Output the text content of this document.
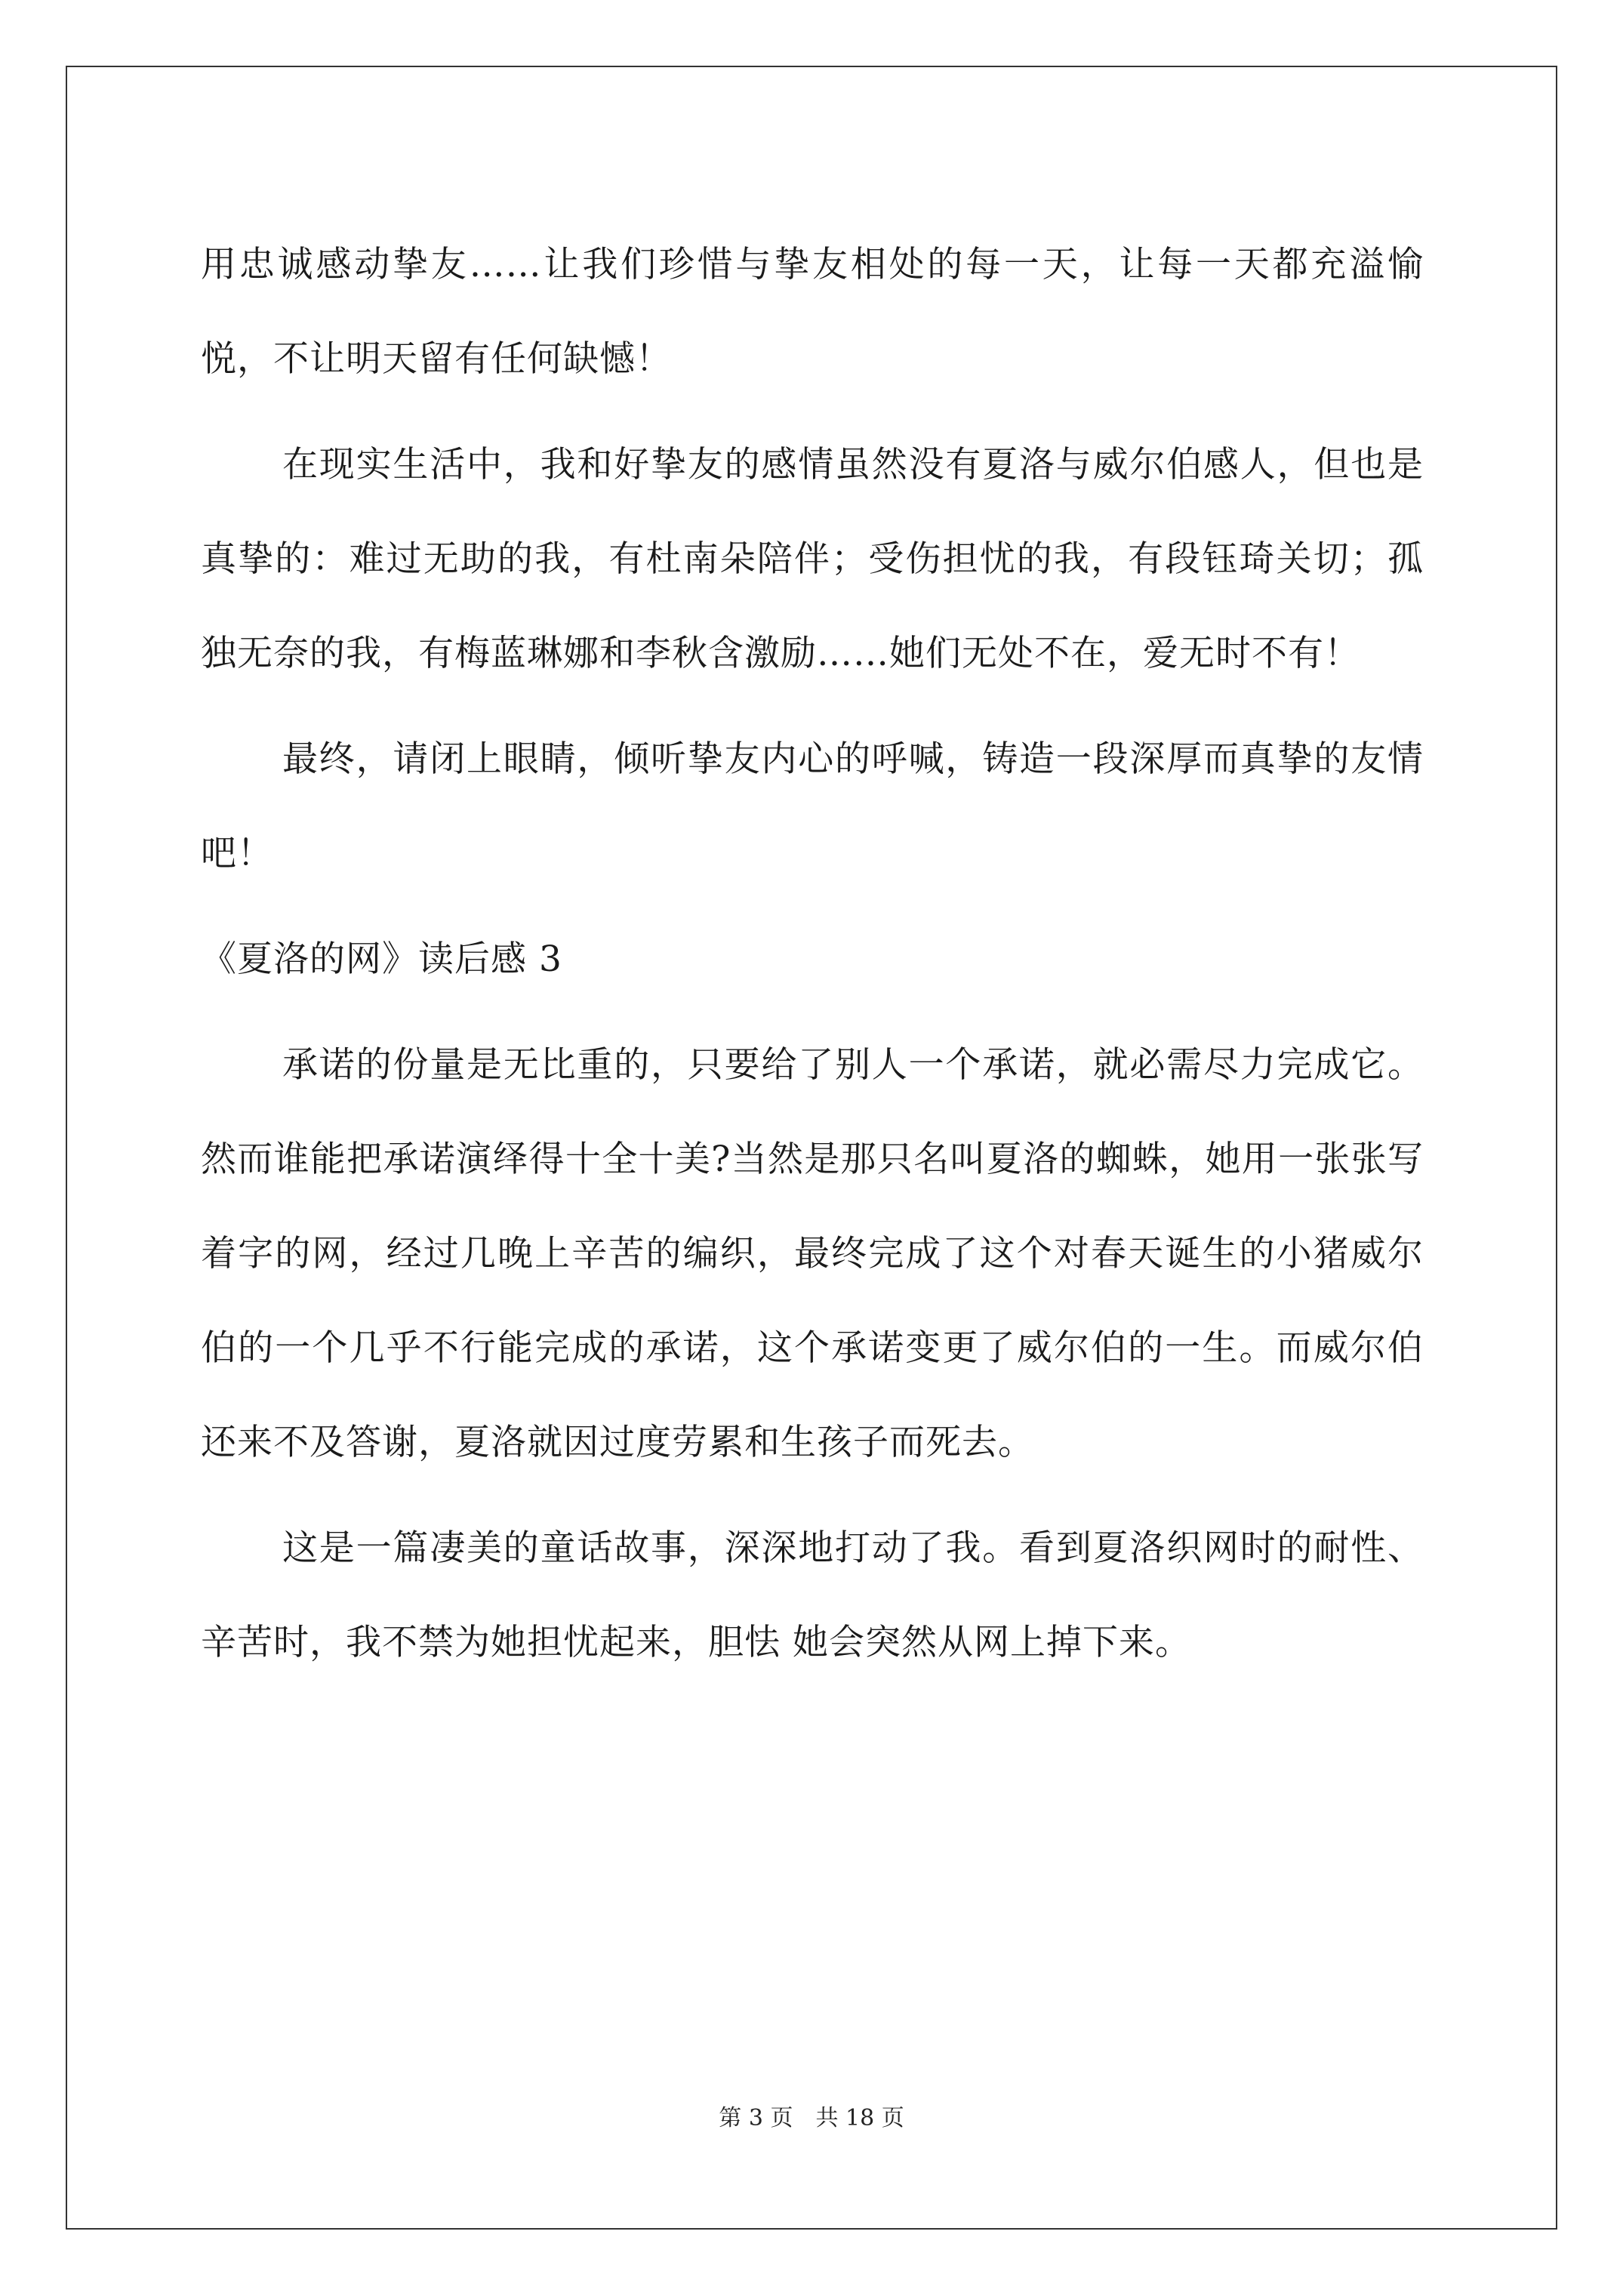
用忠诚感动挚友……让我们珍惜与挚友相处的每一天，让每一天都充溢愉悦，不让明天留有任何缺憾！

在现实生活中，我和好挚友的感情虽然没有夏洛与威尔伯感人，但也是真挚的：难过无助的我，有杜南朵陪伴；受伤担忧的我，有段钰琦关切；孤独无奈的我，有梅蓝琳娜和李秋含激励……她们无处不在，爱无时不有！

最终，请闭上眼睛，倾听挚友内心的呼喊，铸造一段深厚而真挚的友情吧！

《夏洛的网》读后感 3

承诺的份量是无比重的，只要给了别人一个承诺，就必需尽力完成它。然而谁能把承诺演绎得十全十美?当然是那只名叫夏洛的蜘蛛，她用一张张写着字的网，经过几晚上辛苦的编织，最终完成了这个对春天诞生的小猪威尔伯的一个几乎不行能完成的承诺，这个承诺变更了威尔伯的一生。而威尔伯还来不及答谢，夏洛就因过度劳累和生孩子而死去。

这是一篇凄美的童话故事，深深地打动了我。看到夏洛织网时的耐性、辛苦时，我不禁为她担忧起来，胆怯 她会突然从网上掉下来。

第 3 页　共 18 页
